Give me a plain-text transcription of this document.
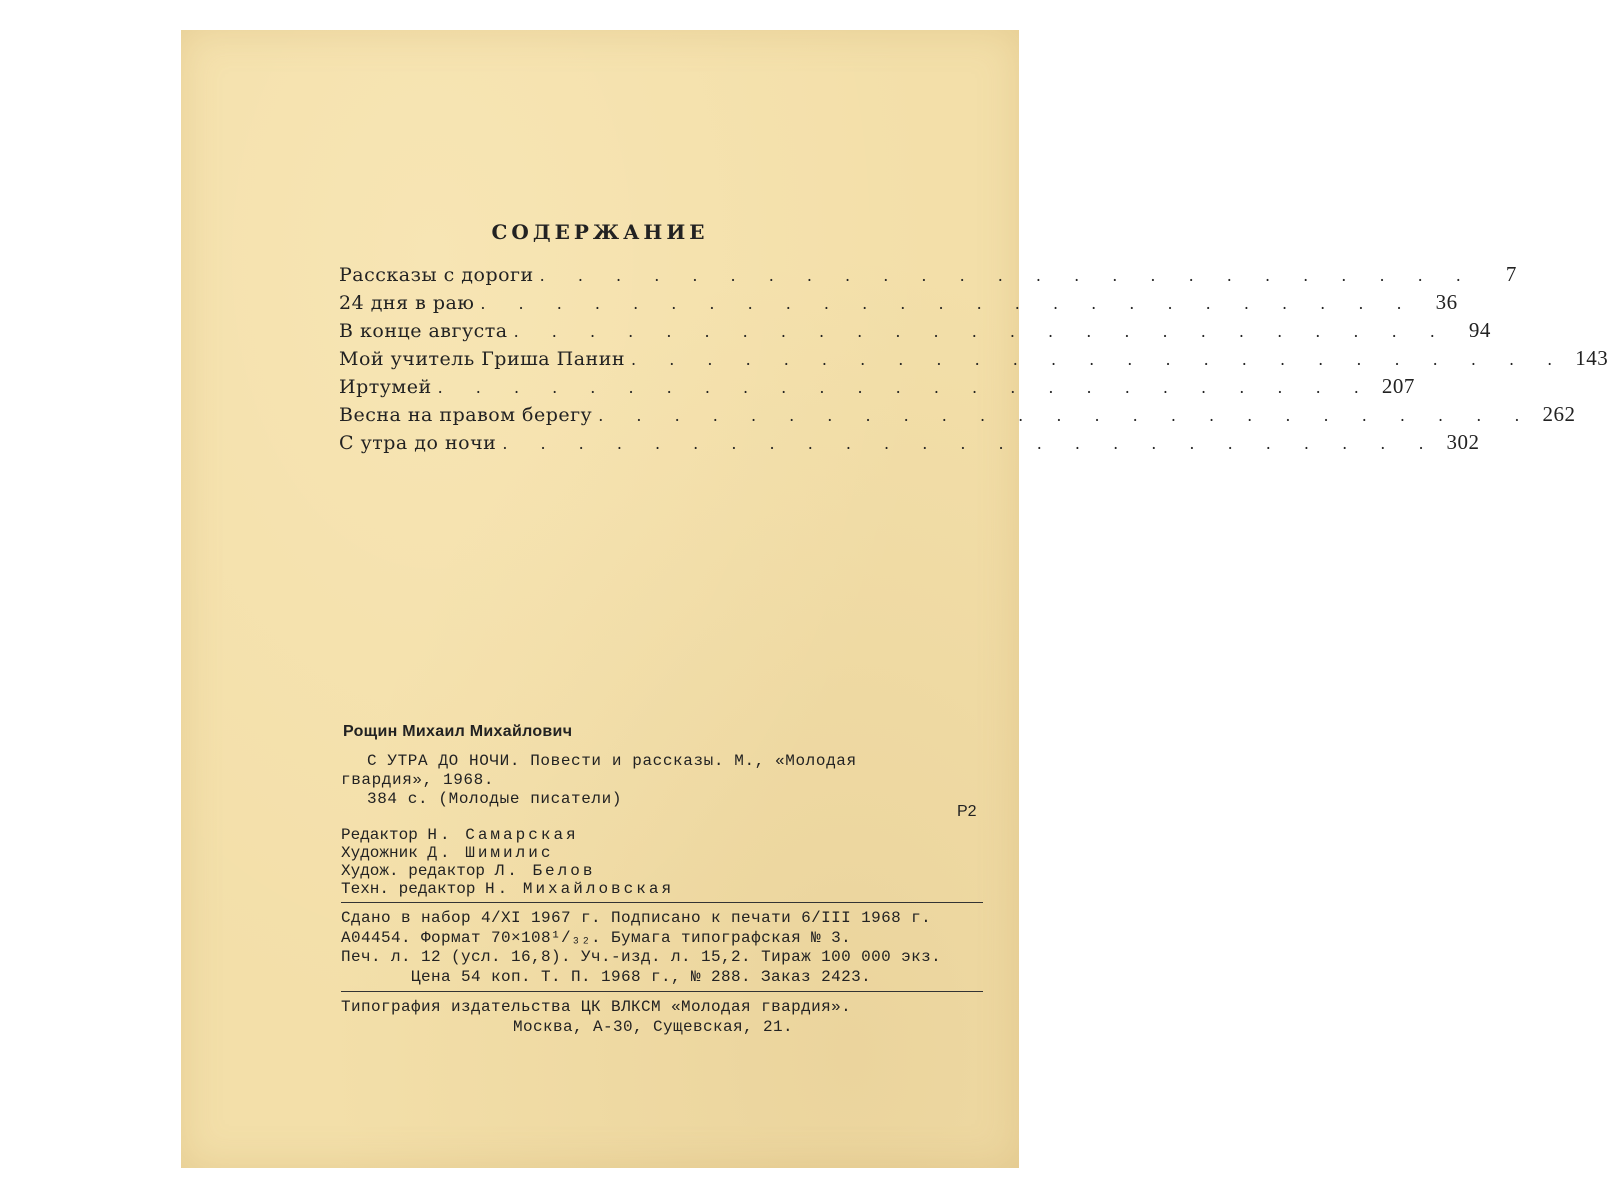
СОДЕРЖАНИЕ
Рассказы с дороги . . . . . . . . . . . . . . . . . . . . . . . . .	7
24 дня в раю . . . . . . . . . . . . . . . . . . . . . . . . . 36
В конце августа . . . . . . . . . . . . . . . . . . . . . . . . . 94
Мой учитель Гриша Панин . . . . . . . . . . . . . . . . . . . . . . . . . 143
Иртумей . . . . . . . . . . . . . . . . . . . . . . . . . 207
Весна на правом берегу . . . . . . . . . . . . . . . . . . . . . . . . . 262
С утра до ночи . . . . . . . . . . . . . . . . . . . . . . . . . 302
Рощин Михаил Михайлович
С УТРА ДО НОЧИ. Повести и рассказы. М., «Молодая
гвардия», 1968.
384 с. (Молодые писатели)
Р2
Редактор Н. Самарская
Художник Д. Шимилис
Худож. редактор Л. Белов
Техн. редактор Н. Михайловская
Сдано в набор 4/XI 1967 г. Подписано к печати 6/III 1968 г.
А04454. Формат 70×108¹/₃₂. Бумага типографская № 3.
Печ. л. 12 (усл. 16,8). Уч.-изд. л. 15,2. Тираж 100 000 экз.
Цена 54 коп. Т. П. 1968 г., № 288. Заказ 2423.
Типография издательства ЦК ВЛКСМ «Молодая гвардия».
Москва, А-30, Сущевская, 21.
